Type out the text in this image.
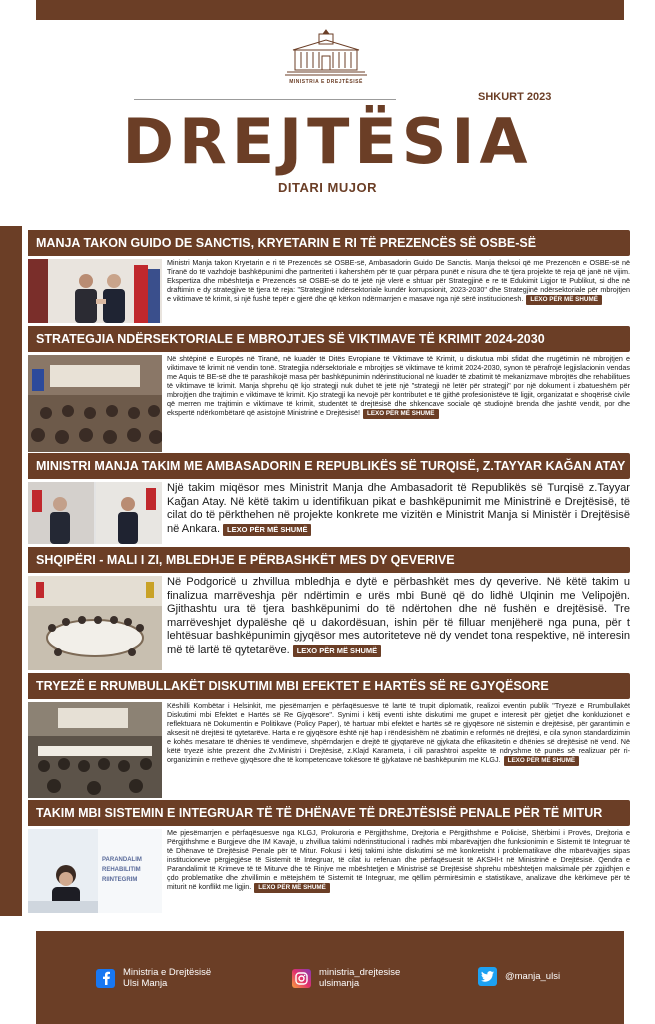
MINISTRIA E DREJTËSISË
SHKURT 2023
DREJTËSIA
DITARI MUJOR
MANJA TAKON GUIDO DE SANCTIS, KRYETARIN E RI TË PREZENCËS SË OSBE-SË
Ministri Manja takon Kryetarin e ri të Prezencës së OSBE-së, Ambasadorin Guido De Sanctis. Manja theksoi që me Prezencën e OSBE-së në Tiranë do të vazhdojë bashkëpunimi dhe partneriteti i kahershëm për të çuar përpara punët e nisura dhe të tjera projekte të reja që janë në vijim. Ekspertiza dhe mbështetja e Prezencës së OSBE-së do të jetë një vlerë e shtuar për Strategjinë e re të Edukimit Ligjor të Publikut, si dhe në draftimin e dy strategjive të tjera të reja: "Strategjinë ndërsektoriale kundër korrupsionit, 2023-2030" dhe Strategjinë ndërsektoriale për mbrojtjen e viktimave të krimit, si një fushë tepër e gjerë dhe që kërkon ndërmarrjen e masave nga një sërë institucionesh. LEXO PËR MË SHUMË
STRATEGJIA NDËRSEKTORIALE E MBROJTJES SË VIKTIMAVE TË KRIMIT 2024-2030
Në shtëpinë e Europës në Tiranë, në kuadër të Ditës Evropiane të Viktimave të Krimit, u diskutua mbi sfidat dhe rrugëtimin në mbrojtjen e viktimave të krimit në vendin tonë. Strategjia ndërsektoriale e mbrojtjes së viktimave të krimit 2024-2030, synon të përafrojë legjislacionin vendas me Aquis të BE-së dhe të parashikojë masa për bashkëpunimin ndërinstitucional në kuadër të zbatimit të mekanizmave mbrojtës dhe rehabilitues të viktimave të krimit. Manja shprehu që kjo strategji nuk duhet të jetë një "strategji në letër për strategji" por një dokument i zbatueshëm për mbrojtjen dhe trajtimin e viktimave të krimit. Kjo strategji ka nevojë për kontributet e të gjithë profesionistëve të ligjit, organizatat e shoqërisë civile që merren me trajtimin e viktimave të krimit, studentët të drejtësisë dhe shkencave sociale që studiojnë brenda dhe jashtë vendit, por dhe ekspertë ndërkombëtarë që asistojnë Ministrinë e Drejtësisë! LEXO PËR MË SHUMË
MINISTRI MANJA TAKIM ME AMBASADORIN E REPUBLIKËS SË TURQISË, Z.TAYYAR KAĞAN ATAY
Një takim miqësor mes Ministrit Manja dhe Ambasadorit të Republikës së Turqisë z.Tayyar Kağan Atay. Në këtë takim u identifikuan pikat e bashkëpunimit me Ministrinë e Drejtësisë, të cilat do të përkthehen në projekte konkrete me vizitën e Ministrit Manja si Ministër i Drejtësisë në Ankara. LEXO PËR MË SHUMË
SHQIPËRI - MALI I ZI, MBLEDHJE E PËRBASHKËT MES DY QEVERIVE
Në Podgoricë u zhvillua mbledhja e dytë e përbashkët mes dy qeverive. Në këtë takim u finalizua marrëveshja për ndërtimin e urës mbi Bunë që do lidhë Ulqinin me Velipojën. Gjithashtu ura të tjera bashkëpunimi do të ndërtohen dhe në fushën e drejtësisë. Tre marrëveshjet dypalëshe që u dakordësuan, ishin për të filluar menjëherë nga puna, për t lehtësuar bashkëpunimin gjyqësor mes autoriteteve në dy vendet tona respektive, në interesin më të lartë të qytetarëve. LEXO PËR MË SHUMË
TRYEZË E RRUMBULLAKËT DISKUTIMI MBI EFEKTET E HARTËS SË RE GJYQËSORE
Këshilli Kombëtar i Helsinkit, me pjesëmarrjen e përfaqësuesve të lartë të trupit diplomatik, realizoi eventin publik "Tryezë e Rrumbullakët Diskutimi mbi Efektet e Hartës së Re Gjyqësore". Synimi i këtij eventi ishte diskutimi me grupet e interesit për gjetjet dhe konkluzionet e reflektuara në Dokumentin e Politikave (Policy Paper), të hartuar mbi efektet e hartës së re gjyqësore në sistemin e drejtësisë, për garantimin e aksesit në drejtësi të qytetarëve. Harta e re gjyqësore është një hap i rëndësishëm në zbatimin e reformës në drejtësi, e cila synon standardizimin e kohës mesatare të dhënies të vendimeve, shpërndarjen e drejtë të gjyqtarëve në gjykata dhe efikasitetin e dhënies së drejtësisë në vend. Në këtë tryezë ishte prezent dhe Zv.Ministri i Drejtësisë, z.Klajd Karameta, i cili parashtroi aspekte të ndryshme të punës së realizuar për ri-organizimin e rretheve gjyqësore dhe të kompetencave tokësore të gjykatave në bashkëpunim me KLGJ. LEXO PËR MË SHUMË
TAKIM MBI SISTEMIN E INTEGRUAR TË TË DHËNAVE TË DREJTËSISË PENALE PËR TË MITUR
PARANDALIM
REHABILITIM
RIINTEGRIM
Me pjesëmarrjen e përfaqësuesve nga KLGJ, Prokuroria e Përgjithshme, Drejtoria e Përgjithshme e Policisë, Shërbimi i Provës, Drejtoria e Përgjithshme e Burgjeve dhe IM Kavajë, u zhvillua takimi ndërinstitucional i radhës mbi mbarëvajtjen dhe funksionimin e Sistemit të Integruar të të Dhënave të Drejtësisë Penale për të Mitur. Fokusi i këtij takimi ishte diskutimi së më konkretisht i problematikave dhe mbarëvajtjes sipas institucioneve përgjegjëse të Sistemit të Integruar, të cilat iu referuan dhe përfaqësuesit të AKSHI-t në Ministrinë e Drejtësisë. Qendra e Parandalimit të Krimeve të të Miturve dhe të Rinjve me mbështetjen e Ministrisë së Drejtësisë shprehu mbështetjen maksimale për zgjidhjen e çdo problematike dhe zhvillimin e mëtejshëm të Sistemit të Integruar, me qëllim përmirësimin e statistikave, analizave dhe kërkimeve për të miturit në konflikt me ligjin. LEXO PËR MË SHUMË
Ministria e Drejtësisë
Ulsi Manja
ministria_drejtesise
ulsimanja
@manja_ulsi
